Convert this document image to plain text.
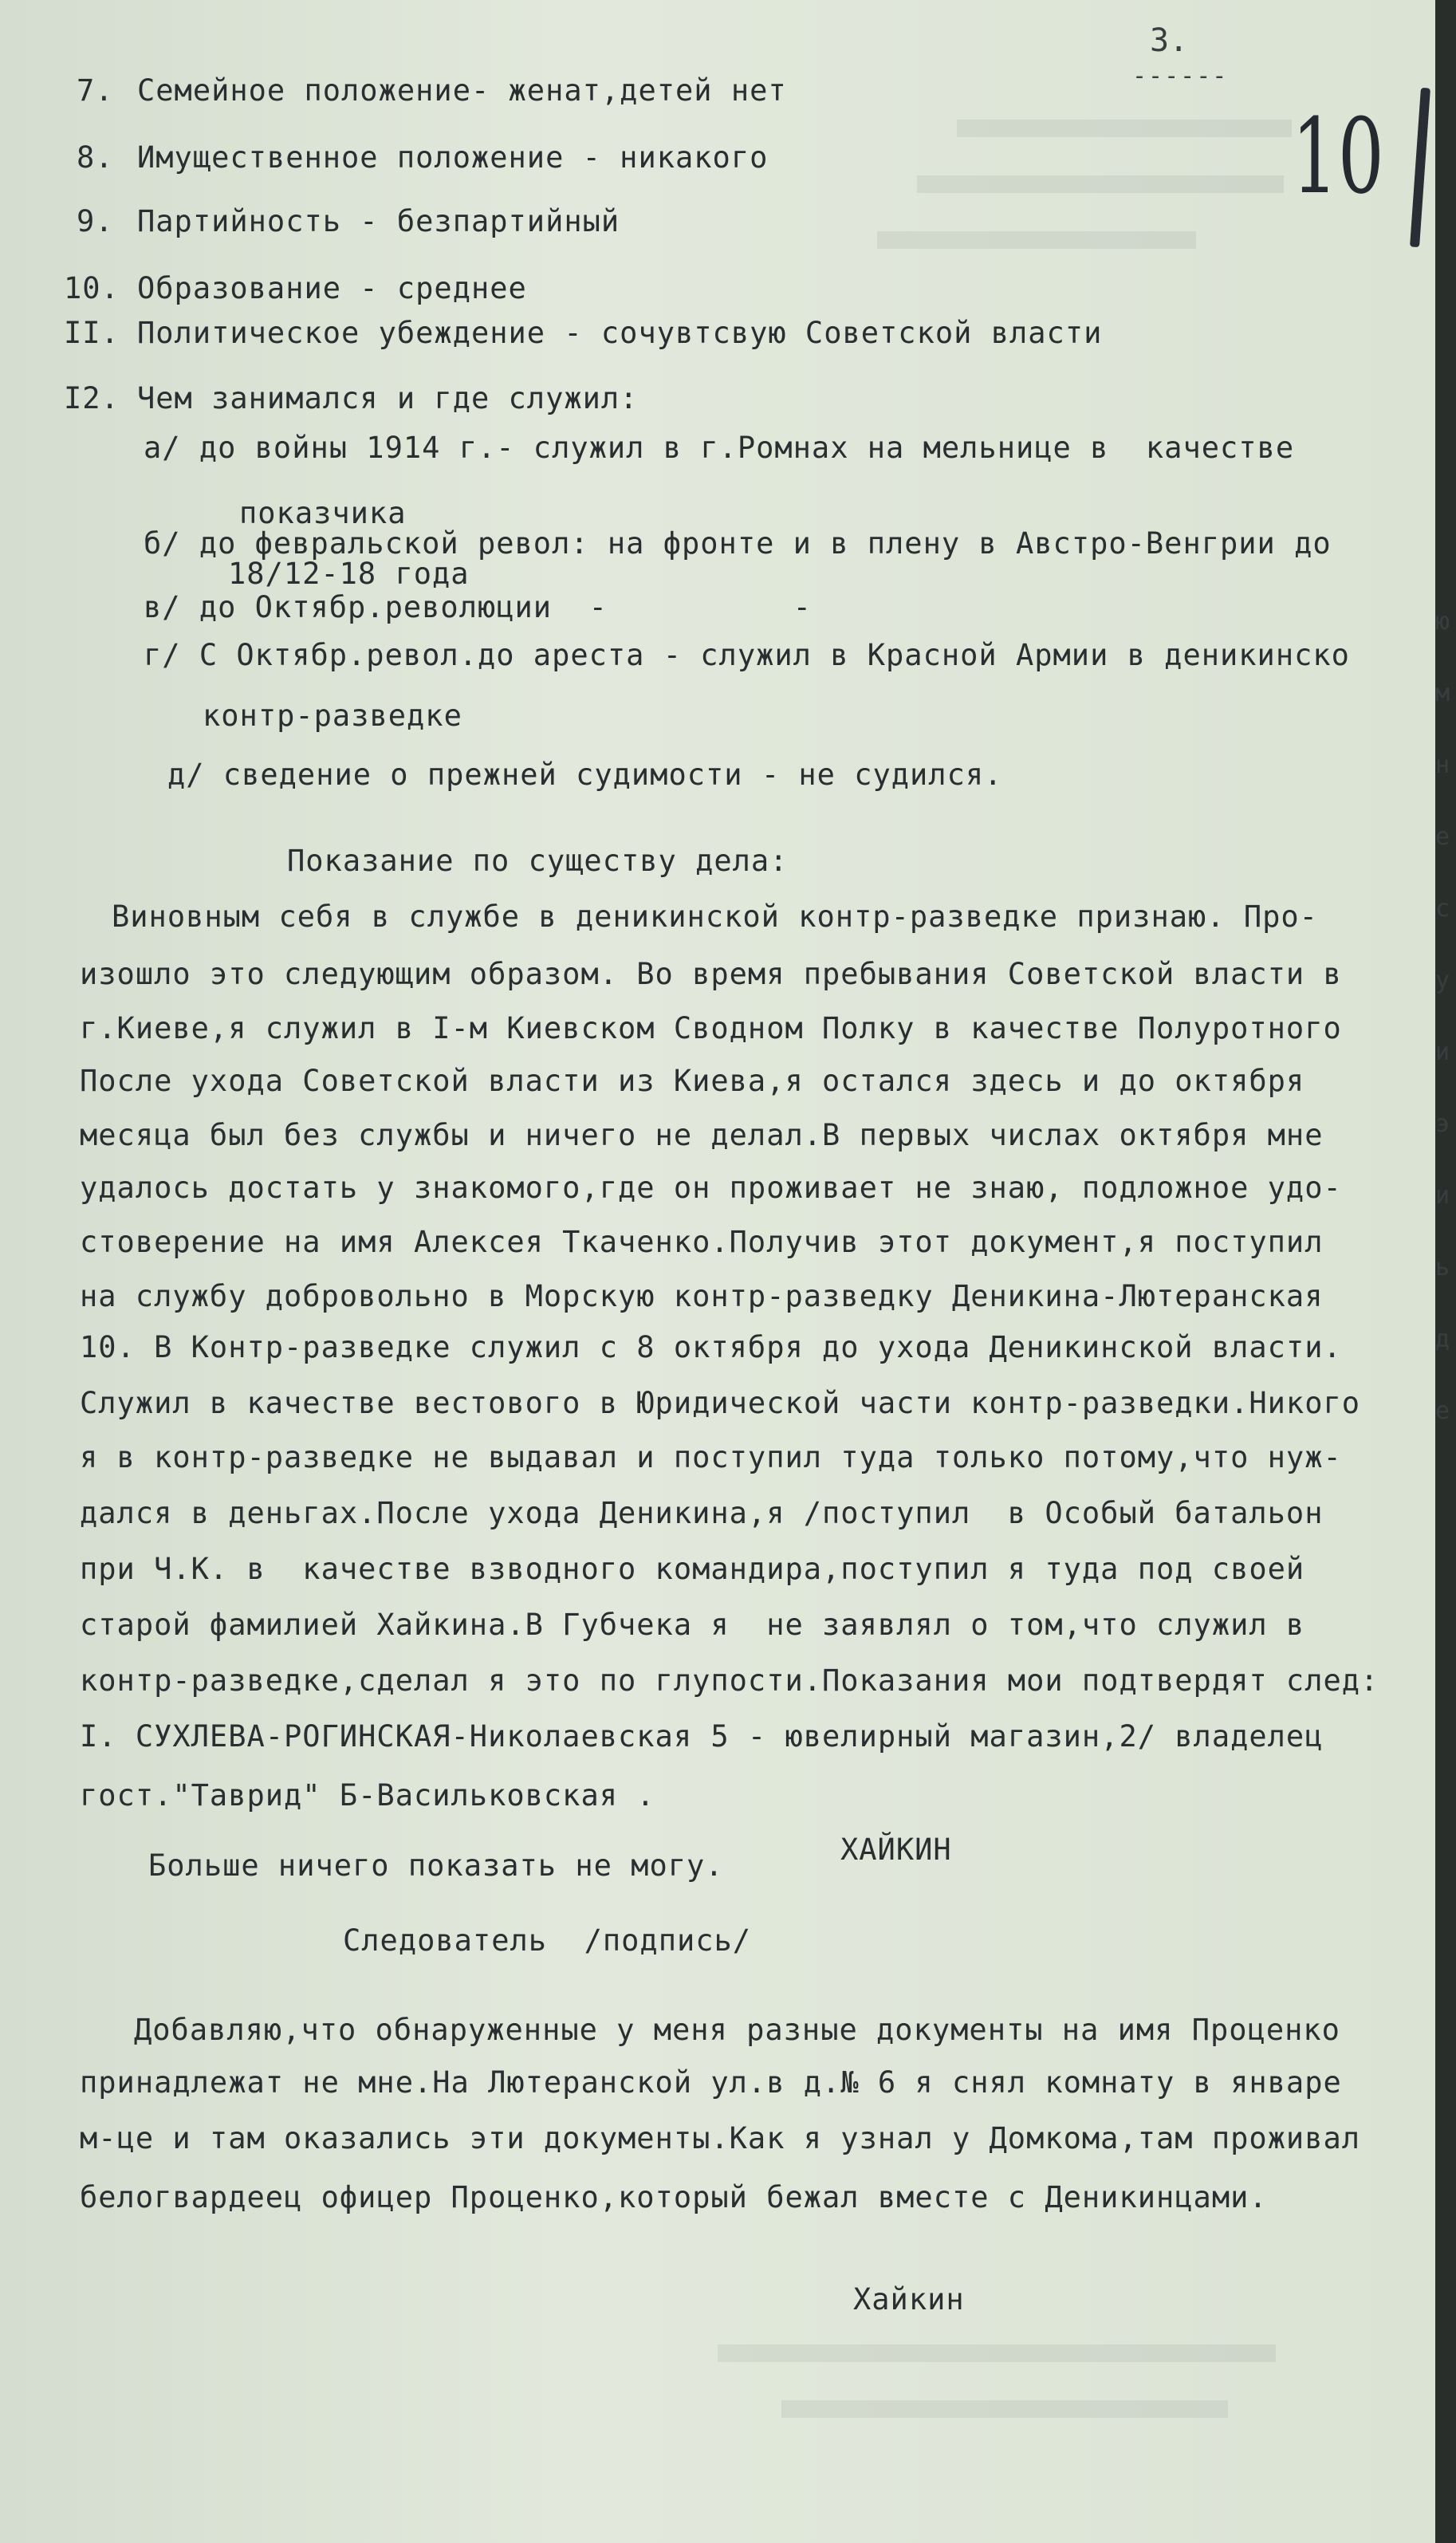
3.
------
10
7. Семейное положение- женат,детей нет
8. Имущественное положение - никакого
9. Партийность - безпартийный
10. Образование - среднее
II. Политическое убеждение - сочувтсвую Советской власти
I2. Чем занимался и где служил:
а/ до войны 1914 г.- служил в г.Ромнах на мельнице в  качестве
показчика
б/ до февральской револ: на фронте и в плену в Австро-Венгрии до
18/12-18 года
в/ до Октябр.революции  -          -
г/ С Октябр.револ.до ареста - служил в Красной Армии в деникинско
контр-разведке
д/ сведение о прежней судимости - не судился.
Показание по существу дела:
Виновным себя в службе в деникинской контр-разведке признаю. Про-
изошло это следующим образом. Во время пребывания Советской власти в
г.Киеве,я служил в I-м Киевском Сводном Полку в качестве Полуротного
После ухода Советской власти из Киева,я остался здесь и до октября
месяца был без службы и ничего не делал.В первых числах октября мне
удалось достать у знакомого,где он проживает не знаю, подложное удо-
стоверение на имя Алексея Ткаченко.Получив этот документ,я поступил
на службу добровольно в Морскую контр-разведку Деникина-Лютеранская
10. В Контр-разведке служил с 8 октября до ухода Деникинской власти.
Служил в качестве вестового в Юридической части контр-разведки.Никого
я в контр-разведке не выдавал и поступил туда только потому,что нуж-
дался в деньгах.После ухода Деникина,я /поступил  в Особый батальон
при Ч.К. в  качестве взводного командира,поступил я туда под своей
старой фамилией Хайкина.В Губчека я  не заявлял о том,что служил в
контр-разведке,сделал я это по глупости.Показания мои подтвердят след:
I. СУХЛЕВА-РОГИНСКАЯ-Николаевская 5 - ювелирный магазин,2/ владелец
гост."Таврид" Б-Васильковская .
Больше ничего показать не могу.	ХАЙКИН
Следователь  /подпись/
Добавляю,что обнаруженные у меня разные документы на имя Проценко
принадлежат не мне.На Лютеранской ул.в д.№ 6 я снял комнату в январе
м-це и там оказались эти документы.Как я узнал у Домкома,там проживал
белогвардеец офицер Проценко,который бежал вместе с Деникинцами.
Хайкин
ю
м
н
е
с
у
и
э
и
ь
д
е
